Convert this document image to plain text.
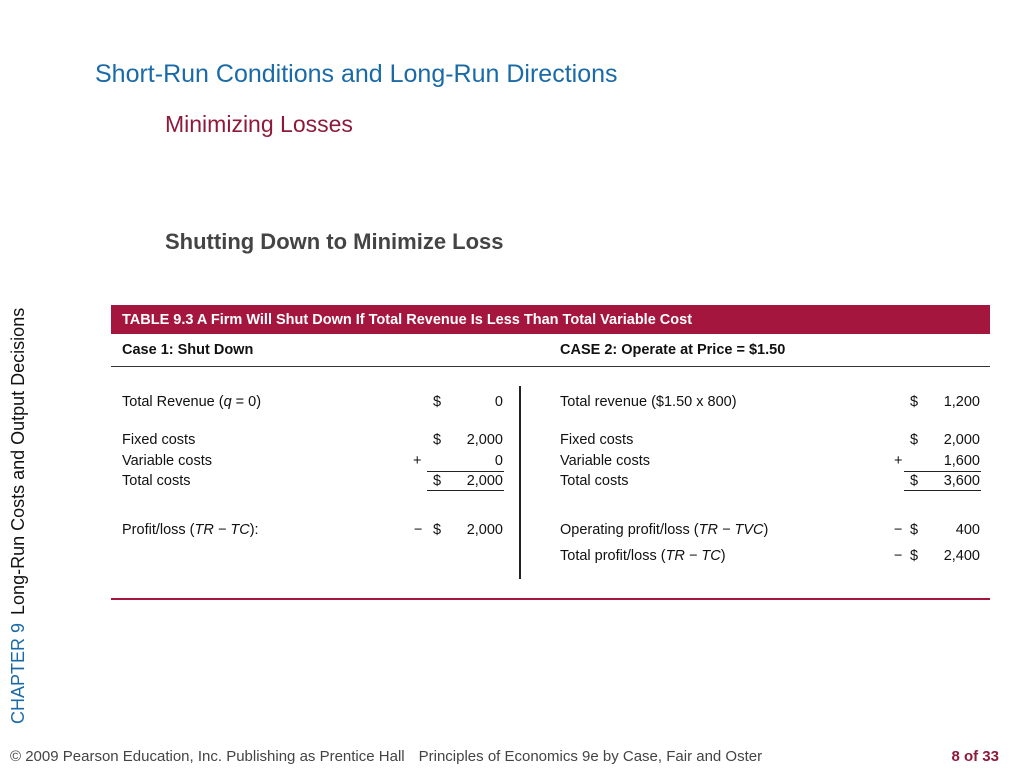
Short-Run Conditions and Long-Run Directions
Minimizing Losses
Shutting Down to Minimize Loss
CHAPTER 9Long-Run Costs and Output Decisions	TABLE 9.3 A Firm Will Shut Down If Total Revenue Is Less Than Total Variable Cost
Case 1: Shut Down	CASE 2: Operate at Price = $1.50
Total Revenue (q = 0)	$	0
Fixed costs	$	2,000
Variable costs	+	0
Total costs	$	2,000
Profit/loss (TR − TC):	− $	2,000
Total revenue ($1.50 x 800)	$	1,200
Fixed costs	$	2,000
Variable costs	+	1,600
Total costs	$	3,600
Operating profit/loss (TR − TVC)	− $	400
Total profit/loss (TR − TC)	− $	2,400
© 2009 Pearson Education, Inc. Publishing as Prentice Hall Principles of Economics 9e by Case, Fair and Oster	8 of 33
